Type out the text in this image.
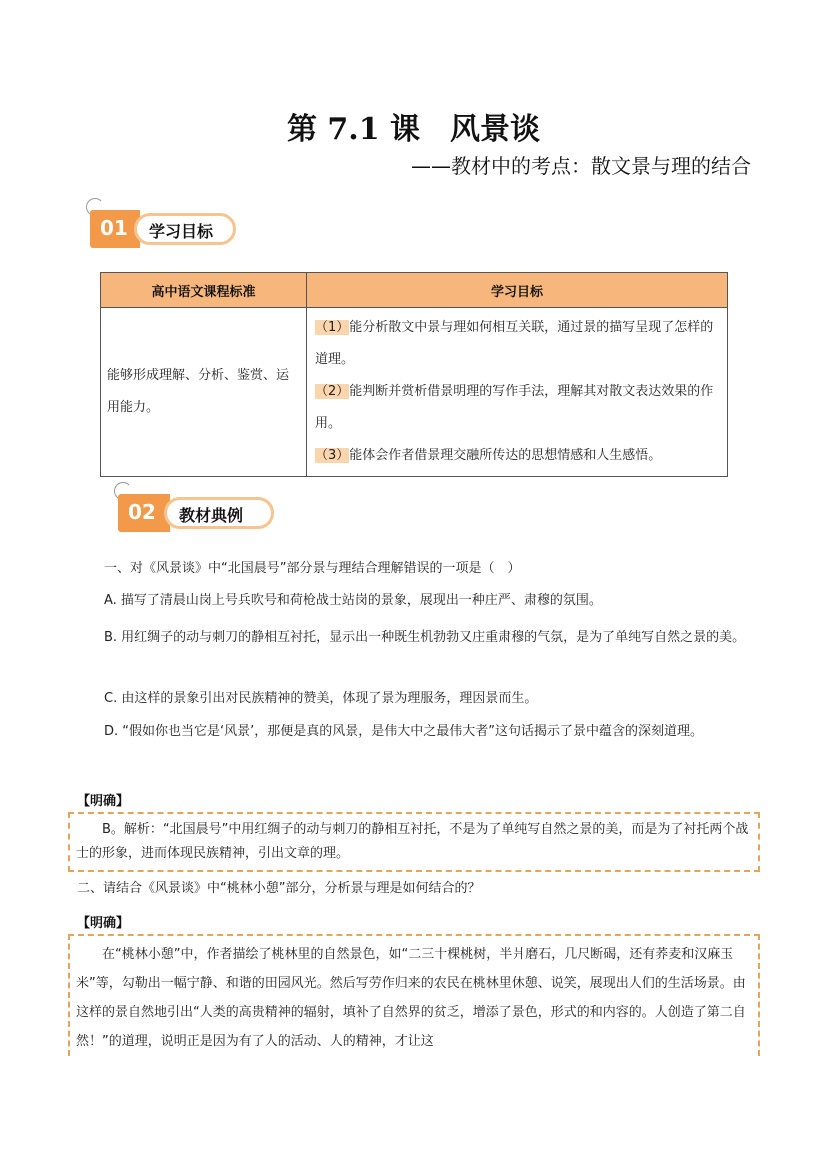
第 7.1 课　风景谈
——教材中的考点：散文景与理的结合
01	学习目标
高中语文课程标准	学习目标
能够形成理解、分析、鉴赏、运用能力。	（1）能分析散文中景与理如何相互关联，通过景的描写呈现了怎样的道理。
（2）能判断并赏析借景明理的写作手法，理解其对散文表达效果的作用。
（3）能体会作者借景理交融所传达的思想情感和人生感悟。
02	教材典例
一、对《风景谈》中“北国晨号”部分景与理结合理解错误的一项是（　）
A. 描写了清晨山岗上号兵吹号和荷枪战士站岗的景象，展现出一种庄严、肃穆的氛围。
B. 用红绸子的动与刺刀的静相互衬托，显示出一种既生机勃勃又庄重肃穆的气氛，是为了单纯写自然之景的美。
C. 由这样的景象引出对民族精神的赞美，体现了景为理服务，理因景而生。
D. “假如你也当它是‘风景’，那便是真的风景，是伟大中之最伟大者”这句话揭示了景中蕴含的深刻道理。
【明确】
B。解析：“北国晨号”中用红绸子的动与刺刀的静相互衬托，不是为了单纯写自然之景的美，而是为了衬托两个战士的形象，进而体现民族精神，引出文章的理。
二、请结合《风景谈》中“桃林小憩”部分，分析景与理是如何结合的？
【明确】
在“桃林小憩”中，作者描绘了桃林里的自然景色，如“二三十棵桃树，半爿磨石，几尺断碣，还有荞麦和汉麻玉米”等，勾勒出一幅宁静、和谐的田园风光。然后写劳作归来的农民在桃林里休憩、说笑，展现出人们的生活场景。由这样的景自然地引出“人类的高贵精神的辐射，填补了自然界的贫乏，增添了景色，形式的和内容的。人创造了第二自然！”的道理，说明正是因为有了人的活动、人的精神，才让这
